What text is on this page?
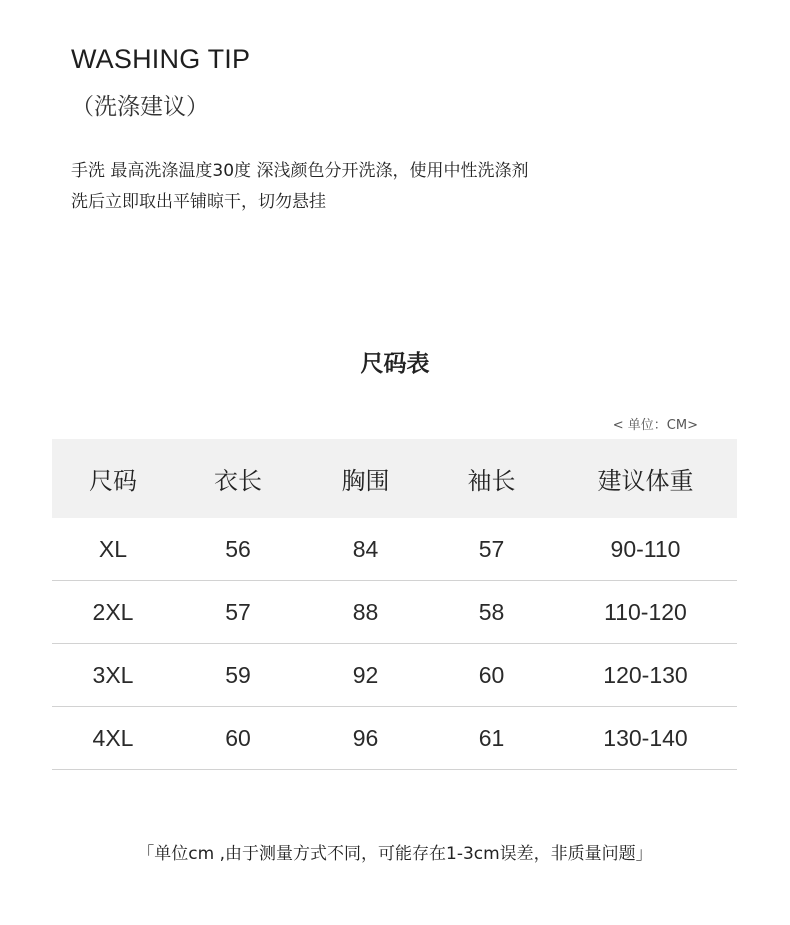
WASHING TIP
（洗涤建议）
手洗 最高洗涤温度30度 深浅颜色分开洗涤，使用中性洗涤剂
洗后立即取出平铺晾干，切勿悬挂
尺码表
< 单位：CM>
尺码	衣长	胸围	袖长	建议体重
XL	56	84	57	90-110
2XL	57	88	58	110-120
3XL	59	92	60	120-130
4XL	60	96	61	130-140
「单位cm ,由于测量方式不同，可能存在1-3cm误差，非质量问题」
